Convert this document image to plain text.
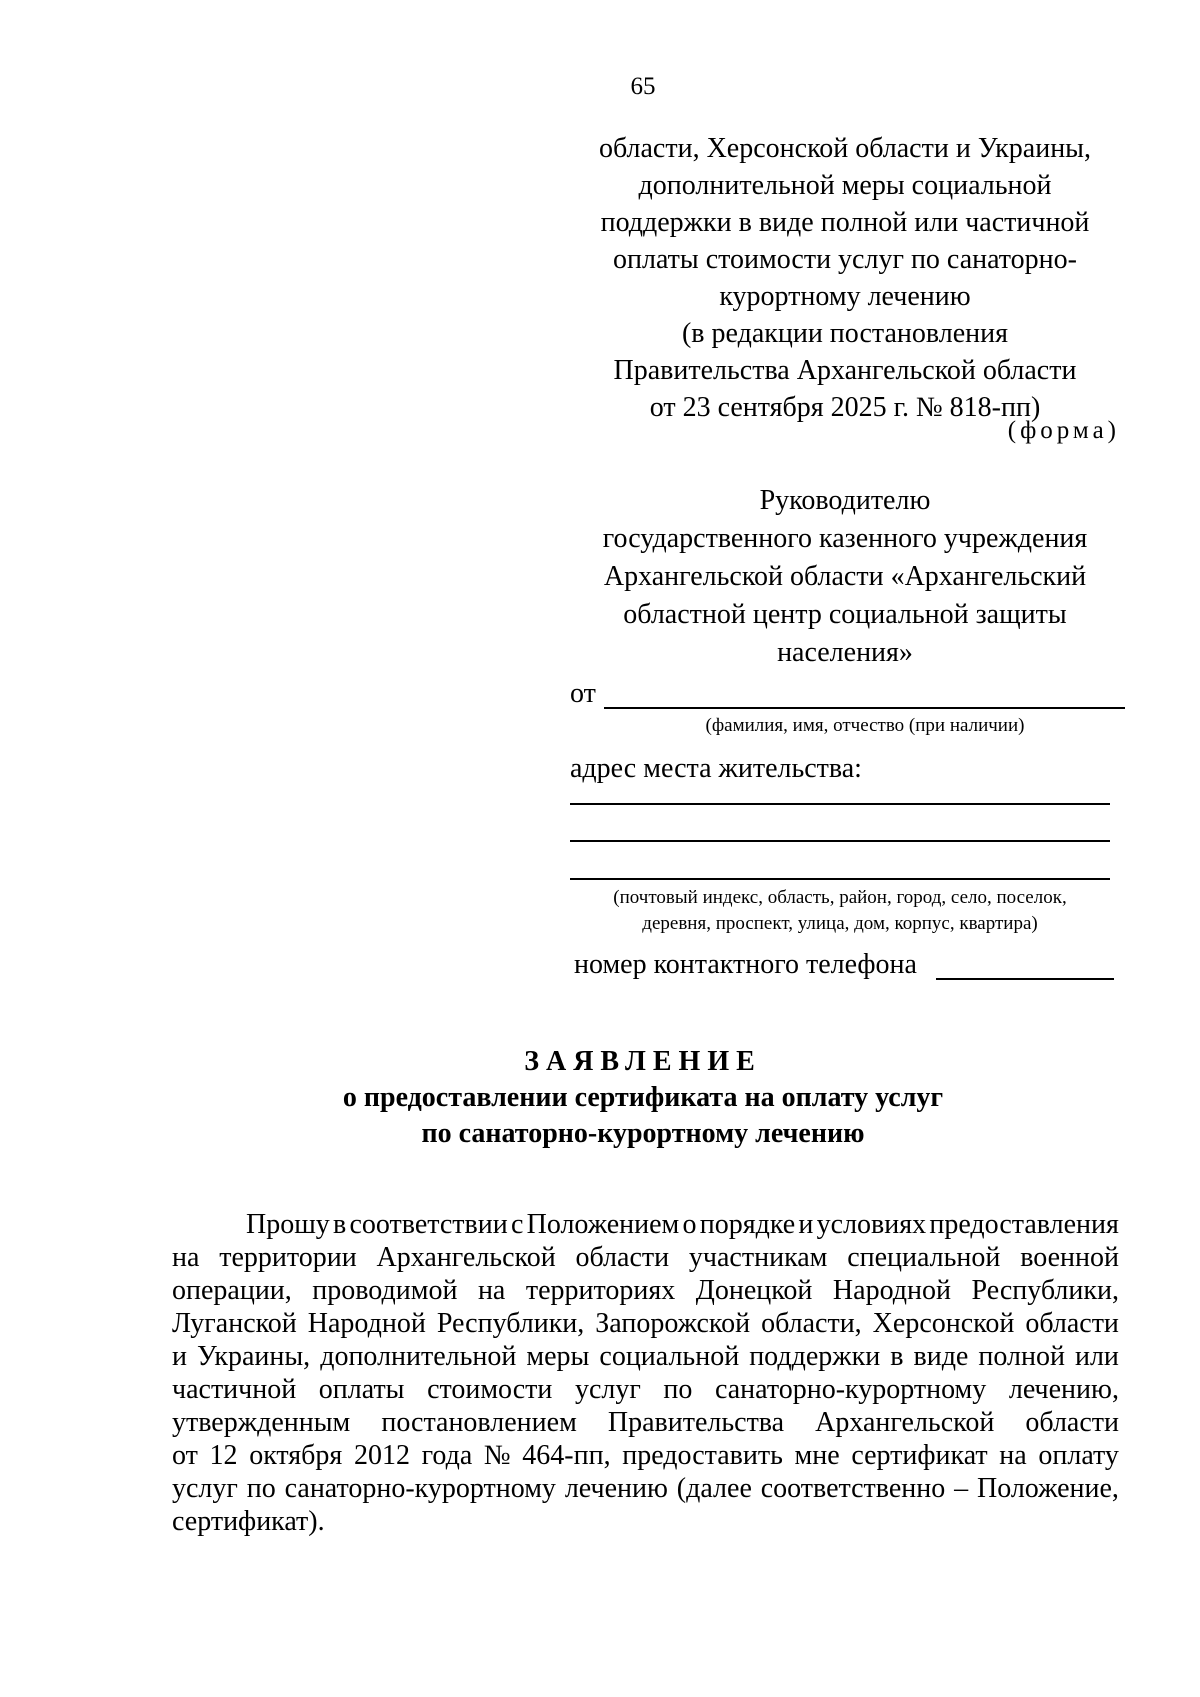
65
области, Херсонской области и Украины,
дополнительной меры социальной
поддержки в виде полной или частичной
оплаты стоимости услуг по санаторно-
курортному лечению
(в редакции постановления
Правительства Архангельской области
от 23 сентября 2025 г. № 818-пп)
(форма)
Руководителю
государственного казенного учреждения
Архангельской области «Архангельский
областной центр социальной защиты
населения»
от
(фамилия, имя, отчество (при наличии)
адрес места жительства:
(почтовый индекс, область, район, город, село, поселок,
деревня, проспект, улица, дом, корпус, квартира)
номер контактного телефона
ЗАЯВЛЕНИЕ
о предоставлении сертификата на оплату услуг
по санаторно-курортному лечению
Прошу в соответствии с Положением о порядке и условиях предоставления
на территории Архангельской области участникам специальной военной
операции, проводимой на территориях Донецкой Народной Республики,
Луганской Народной Республики, Запорожской области, Херсонской области
и Украины, дополнительной меры социальной поддержки в виде полной или
частичной оплаты стоимости услуг по санаторно-курортному лечению,
утвержденным постановлением Правительства Архангельской области
от 12 октября 2012 года № 464-пп, предоставить мне сертификат на оплату
услуг по санаторно-курортному лечению (далее соответственно – Положение,
сертификат).
